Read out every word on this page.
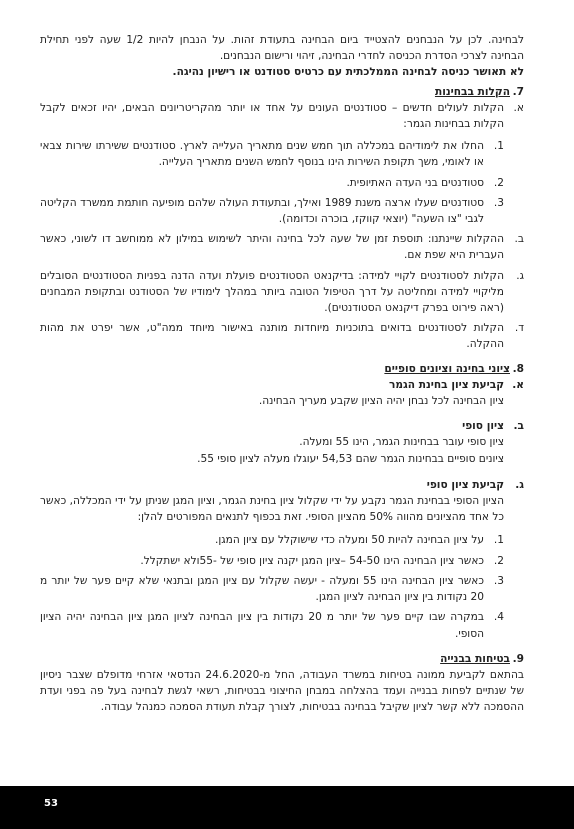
לבחינה. לכן על הנבחנים להצטייד ביום הבחינה בתעודת זהות. על הנבחן להיות 1/2 שעה לפני תחילת הבחינה לצרכי הסדרת הכניסה לחדרי הבחינה, זיהוי ורישום הנבחנים.

לא תאושר כניסה לבחינה הממלכתית עם כרטיס סטודנט או רישיון נהיגה.

7.
הקלות בבחינות
א.
הקלות לעולים חדשים – סטודנטים העונים על אחד או יותר מהקריטריונים הבאים, יהיו זכאים לקבל הקלות בבחינות הגמר:
1.
החלו את לימודיהם במכללה תוך חמש שנים מתאריך העלייה לארץ. סטודנטים ששירתו שירות צבאי או לאומי, משך תקופת השירות הינו בנוסף לחמש השנים מתאריך העלייה.
2.
סטודנטים בני העדה האתיופית.
3.
סטודנטים שעלו ארצה משנת 1989 ואילך, ובתעודת העולה שלהם מופיעה חותמת ממשרד הקליטה לגבי "צו השעה" (יוצאי קווקז, בוכרה וכדומה).
ב.
ההקלות שיינתנו: תוספת זמן של שעה לכל בחינה והיתר לשימוש במילון לא ממוחשב דו לשוני, כאשר העברית היא שפת אם.
ג.
הקלות לסטודנטים לקויי למידה: בדיקנאט הסטודנטים פועלת ועדה הדנה בפניות הסטודנטים הסובלים מליקויי למידה ומחליטה על דרך הטיפול הטובה ביותר במהלך לימודיו של הסטודנט ובתקופת המבחנים (ראה פירוט בפרק דיקנאט הסטודנטים).
ד.
הקלות לסטודנטים בדואים בתוכניות מיוחדות מותנה באישור מיוחד ממה"ט, אשר יפרט את מהות ההקלה.
8.
ציוני בחינה וציונים סופיים
א.
קביעת ציון בחינת הגמר

ציון הבחינה לכל נבחן יהיה הציון שקבע מעריך הבחינה.

ב.
ציון סופי

ציון סופי עובר בבחינות הגמר, הינו 55 ומעלה.

ציונים סופיים בבחינות הגמר שהם 54,53 יעוגלו מעלה לציון סופי 55.

ג.
קביעת ציון סופי

הציון הסופי בבחינת הגמר נקבע על ידי שקלול ציון בחינת הגמר, וציון המגן שניתן על ידי המכללה, כאשר כל אחד מהציונים מהווה 50% מהציון הסופי. זאת בכפוף לתנאים המפורטים להלן:

1.
על ציון הבחינה להיות 50 ומעלה כדי שישוקלל עם ציון המגן.
2.
כאשר ציון הבחינה הינו 54-50 –ציון המגן יקנה ציון סופי של -55ולא ישתקלל.
3.
כאשר ציון הבחינה הינו 55 ומעלה - יעשה שקלול עם ציון המגן ובתנאי שלא קיים פער של יותר מ 20 נקודות בין ציון הבחינה לציון המגן.
4.
במקרה שבו קיים פער של יותר מ 20 נקודות בין ציון הבחינה לציון המגן ציון הבחינה יהיה הציון הסופי.
9.
בטיחות בבנייה

בהתאם לקביעת ממונה בטיחות במשרד העבודה, החל מ-24.6.2020 הנדסאי אזרחי מדופלם שצבר ניסיון של שנתיים לפחות בבנייה ועמד בהצלחה במבחן החיצוני בבטיחות, רשאי לגשת לבחינה בעל פה בפני ועדת ההסמכה ללא קשר לציון שקיבל בבחינה בבטיחות, לצורך קבלת תעודת הסמכה כמנהל עבודה.

53
